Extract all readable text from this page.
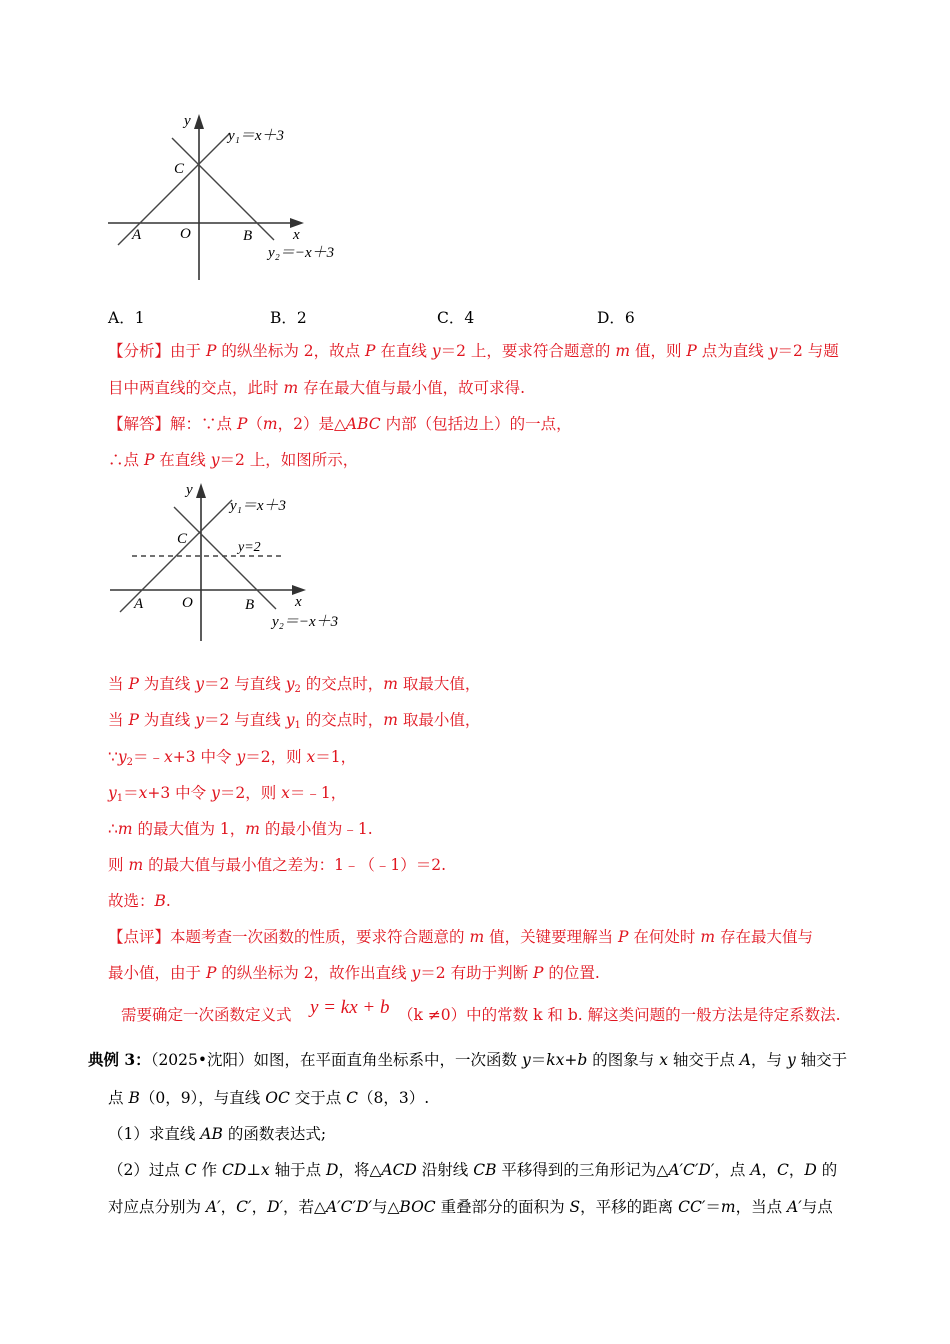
y
x
y₁＝x＋3
y₂＝−x＋3
C
A	O	B
A．1	B．2	C．4	D．6
【分析】由于 P 的纵坐标为 2，故点 P 在直线 y＝2 上，要求符合题意的 m 值，则 P 点为直线 y＝2 与题
目中两直线的交点，此时 m 存在最大值与最小值，故可求得.
【解答】解：∵点 P（m，2）是△ABC 内部（包括边上）的一点，
∴点 P 在直线 y＝2 上，如图所示，
y
x
y₁＝x＋3
y=2
y₂＝−x＋3
C
A	O	B
当 P 为直线 y＝2 与直线 $y_2$ 的交点时，m 取最大值，
当 P 为直线 y＝2 与直线 $y_1$ 的交点时，m 取最小值，
$\because y_2=﹣x+3$ 中令 y＝2，则 x＝1，
$y_1=x+3$ 中令 y＝2，则 x＝﹣1，
∴m 的最大值为 1，m 的最小值为﹣1.
则 m 的最大值与最小值之差为：1﹣（﹣1）＝2.
故选：B.
【点评】本题考查一次函数的性质，要求符合题意的 m 值，关键要理解当 P 在何处时 m 存在最大值与
最小值，由于 P 的纵坐标为 2，故作出直线 y＝2 有助于判断 P 的位置.
需要确定一次函数定义式 y = kx + b （k ≠0）中的常数 k 和 b. 解这类问题的一般方法是待定系数法.
典例 3：（2025•沈阳）如图，在平面直角坐标系中，一次函数 y＝kx+b 的图象与 x 轴交于点 A，与 y 轴交于
点 B（0，9），与直线 OC 交于点 C（8，3）.
（1）求直线 AB 的函数表达式;
（2）过点 C 作 CD⊥x 轴于点 D，将△ACD 沿射线 CB 平移得到的三角形记为△A′C′D′，点 A，C，D 的
对应点分别为 A′，C′，D′，若△A′C′D′与△BOC 重叠部分的面积为 S，平移的距离 CC′＝m，当点 A′与点
